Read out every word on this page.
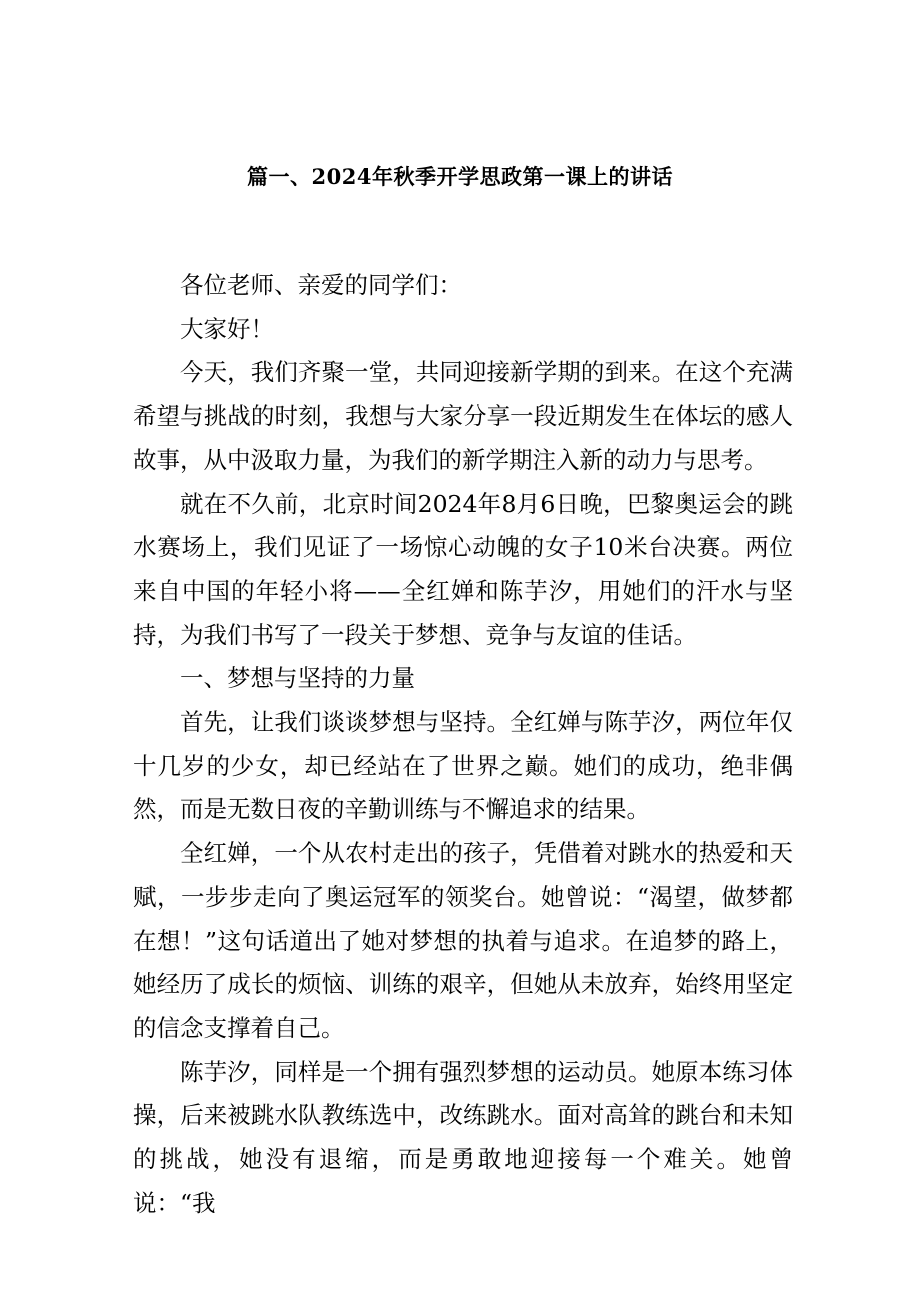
篇一、2024年秋季开学思政第一课上的讲话

各位老师、亲爱的同学们：

大家好！

今天，我们齐聚一堂，共同迎接新学期的到来。在这个充满希望与挑战的时刻，我想与大家分享一段近期发生在体坛的感人故事，从中汲取力量，为我们的新学期注入新的动力与思考。

就在不久前，北京时间2024年8月6日晚，巴黎奥运会的跳水赛场上，我们见证了一场惊心动魄的女子10米台决赛。两位来自中国的年轻小将——全红婵和陈芋汐，用她们的汗水与坚持，为我们书写了一段关于梦想、竞争与友谊的佳话。

一、梦想与坚持的力量

首先，让我们谈谈梦想与坚持。全红婵与陈芋汐，两位年仅十几岁的少女，却已经站在了世界之巅。她们的成功，绝非偶然，而是无数日夜的辛勤训练与不懈追求的结果。

全红婵，一个从农村走出的孩子，凭借着对跳水的热爱和天赋，一步步走向了奥运冠军的领奖台。她曾说：“渴望，做梦都在想！”这句话道出了她对梦想的执着与追求。在追梦的路上，她经历了成长的烦恼、训练的艰辛，但她从未放弃，始终用坚定的信念支撑着自己。

陈芋汐，同样是一个拥有强烈梦想的运动员。她原本练习体操，后来被跳水队教练选中，改练跳水。面对高耸的跳台和未知的挑战，她没有退缩，而是勇敢地迎接每一个难关。她曾说：“我
